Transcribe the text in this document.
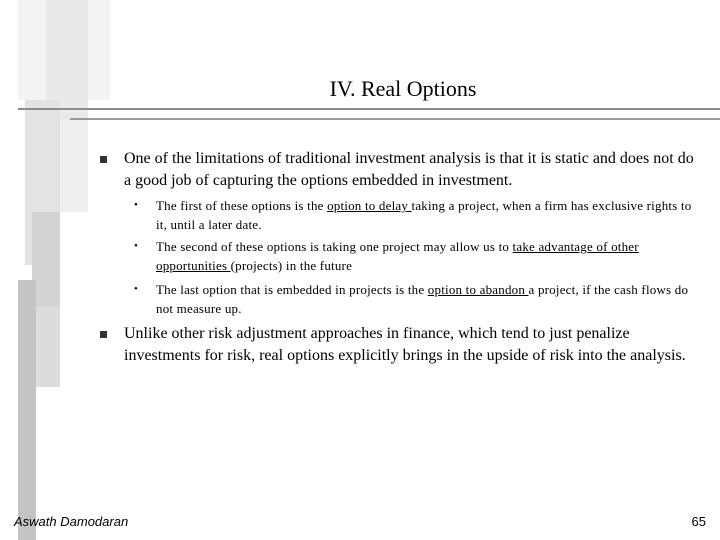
IV. Real Options
One of the limitations of traditional investment analysis is that it is static and does not do a good job of capturing the options embedded in investment.
• The first of these options is the option to delay taking a project, when a firm has exclusive rights to it, until a later date.
• The second of these options is taking one project may allow us to take advantage of other opportunities (projects) in the future
• The last option that is embedded in projects is the option to abandon a project, if the cash flows do not measure up.
Unlike other risk adjustment approaches in finance, which tend to just penalize investments for risk, real options explicitly brings in the upside of risk into the analysis.
Aswath Damodaran	65
